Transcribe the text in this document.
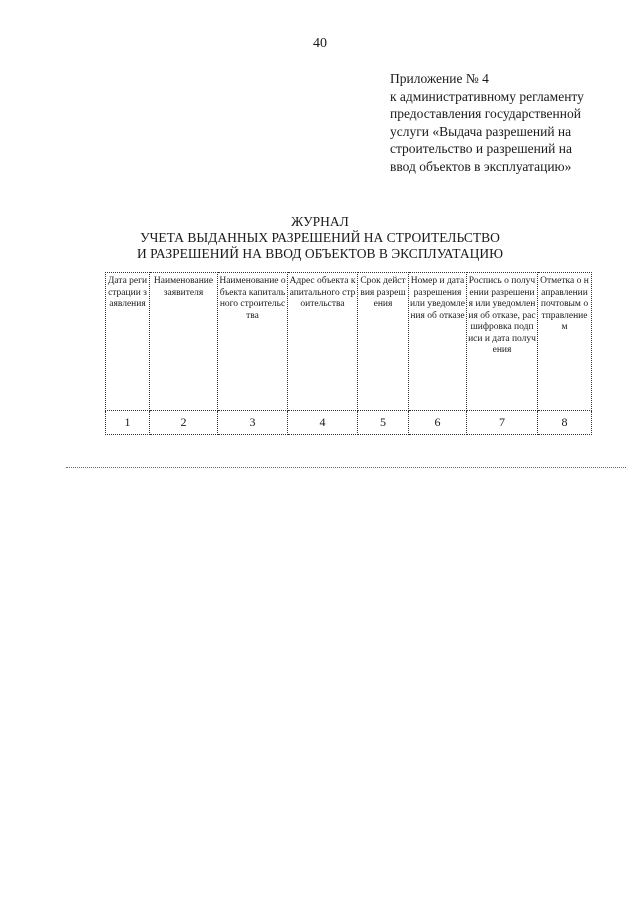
40
Приложение № 4
к административному регламенту
предоставления государственной
услуги «Выдача разрешений на
строительство и разрешений на
ввод объектов в эксплуатацию»
ЖУРНАЛ
УЧЕТА ВЫДАННЫХ РАЗРЕШЕНИЙ НА СТРОИТЕЛЬСТВО
И РАЗРЕШЕНИЙ НА ВВОД ОБЪЕКТОВ В ЭКСПЛУАТАЦИЮ
Дата регистрации заявления	Наименование заявителя	Наименование объекта капитального строительства	Адрес объекта капитального строительства	Срок действия разрешения	Номер и дата разрешения или уведомления об отказе	Роспись о получении разрешения или уведомления об отказе, расшифровка подписи и дата получения	Отметка о направлении почтовым отправлением
1	2	3	4	5	6	7	8
